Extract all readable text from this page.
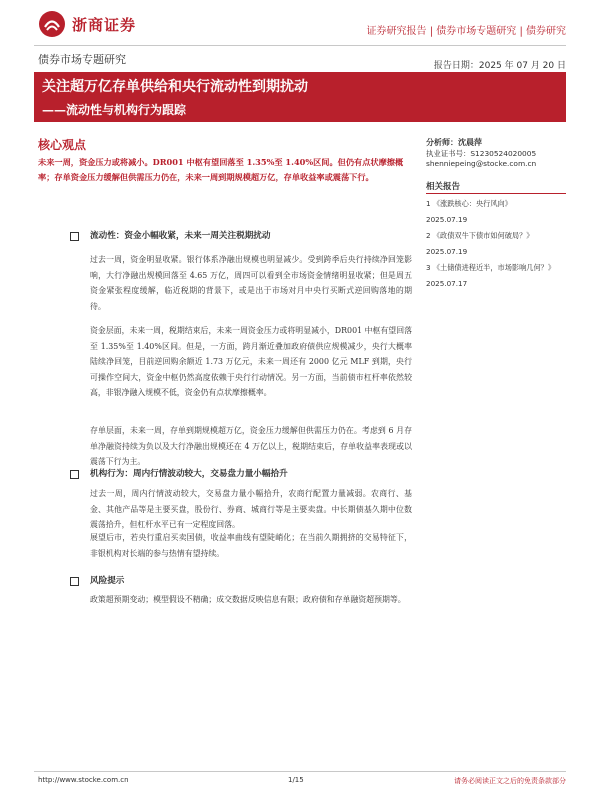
浙商证券	证券研究报告 | 债券市场专题研究 | 债券研究
债券市场专题研究	报告日期：2025 年 07 月 20 日
关注超万亿存单供给和央行流动性到期扰动
——流动性与机构行为跟踪
核心观点

未来一周，资金压力或将减小。DR001 中枢有望回落至 1.35%至 1.40%区间。但仍有点状摩擦概率；存单资金压力缓解但供需压力仍在，未来一周到期规模超万亿，存单收益率或震荡下行。

分析师：沈晨萍
执业证书号：S1230524020005
shenniepeing@stocke.com.cn
相关报告
1 《涨跌核心：央行风向》
2025.07.19
2 《政债双牛下债市如何破局？》
2025.07.19
3 《土储债进程近半，市场影响几何？》
2025.07.17
流动性：资金小幅收紧，未来一周关注税期扰动

过去一周，资金明显收紧。银行体系净融出规模也明显减少。受到跨季后央行持续净回笼影响，大行净融出规模回落至 4.65 万亿，周四可以看到全市场资金情绪明显收紧；但是周五资金紧张程度缓解，临近税期的背景下，或是出于市场对月中央行买断式逆回购落地的期待。

资金层面，未来一周，税期结束后，未来一周资金压力或将明显减小，DR001 中枢有望回落至 1.35%至 1.40%区间。但是，一方面，跨月渐近叠加政府债供应规模减少，央行大概率陆续净回笼，目前逆回购余额近 1.73 万亿元，未来一周还有 2000 亿元 MLF 到期，央行可操作空间大，资金中枢仍然高度依赖于央行行动情况。另一方面，当前债市杠杆率依然较高，非银净融入规模不低，资金仍有点状摩擦概率。

存单层面，未来一周，存单到期规模超万亿，资金压力缓解但供需压力仍在。考虑到 6 月存单净融资持续为负以及大行净融出规模还在 4 万亿以上，税期结束后，存单收益率表现或以震荡下行为主。

机构行为：周内行情波动较大，交易盘力量小幅拾升

过去一周，周内行情波动较大，交易盘力量小幅拾升，农商行配置力量减弱。农商行、基金、其他产品等是主要买盘，股份行、券商、城商行等是主要卖盘。中长期债基久期中位数震荡拾升，但杠杆水平已有一定程度回落。

展望后市，若央行重启买卖国债，收益率曲线有望陡峭化；在当前久期拥挤的交易特征下，非银机构对长端的参与热情有望持续。

风险提示

政策超预期变动；模型假设不精确；成交数据反映信息有限；政府债和存单融资超预期等。

http://www.stocke.com.cn	1/15	请务必阅读正文之后的免责条款部分
